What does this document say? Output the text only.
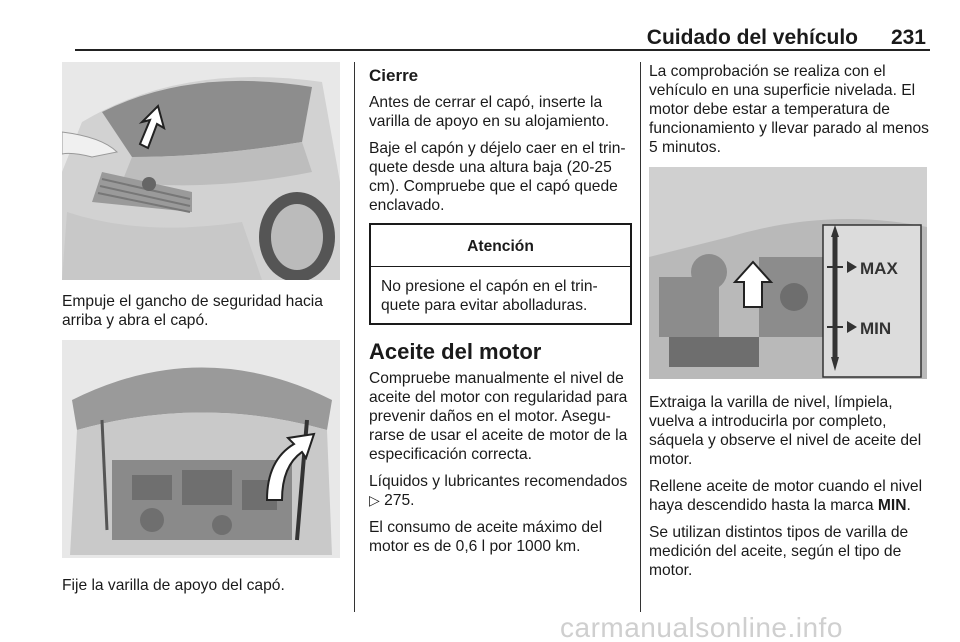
Cuidado del vehículo 231

Empuje el gancho de seguridad hacia arriba y abra el capó.

Fije la varilla de apoyo del capó.

Cierre

Antes de cerrar el capó, inserte la varilla de apoyo en su alojamiento.

Baje el capón y déjelo caer en el trin-quete desde una altura baja (20-25 cm). Compruebe que el capó quede enclavado.

Atención
No presione el capón en el trin-quete para evitar abolladuras.
Aceite del motor

Compruebe manualmente el nivel de aceite del motor con regularidad para prevenir daños en el motor. Asegu-rarse de usar el aceite de motor de la especificación correcta.

Líquidos y lubricantes recomendados
▷ 275.

El consumo de aceite máximo del motor es de 0,6 l por 1000 km.

La comprobación se realiza con el vehículo en una superficie nivelada. El motor debe estar a temperatura de funcionamiento y llevar parado al menos 5 minutos.

MAX
MIN

Extraiga la varilla de nivel, límpiela, vuelva a introducirla por completo, sáquela y observe el nivel de aceite del motor.

Rellene aceite de motor cuando el nivel haya descendido hasta la marca MIN.

Se utilizan distintos tipos de varilla de medición del aceite, según el tipo de motor.

carmanualsonline.info
